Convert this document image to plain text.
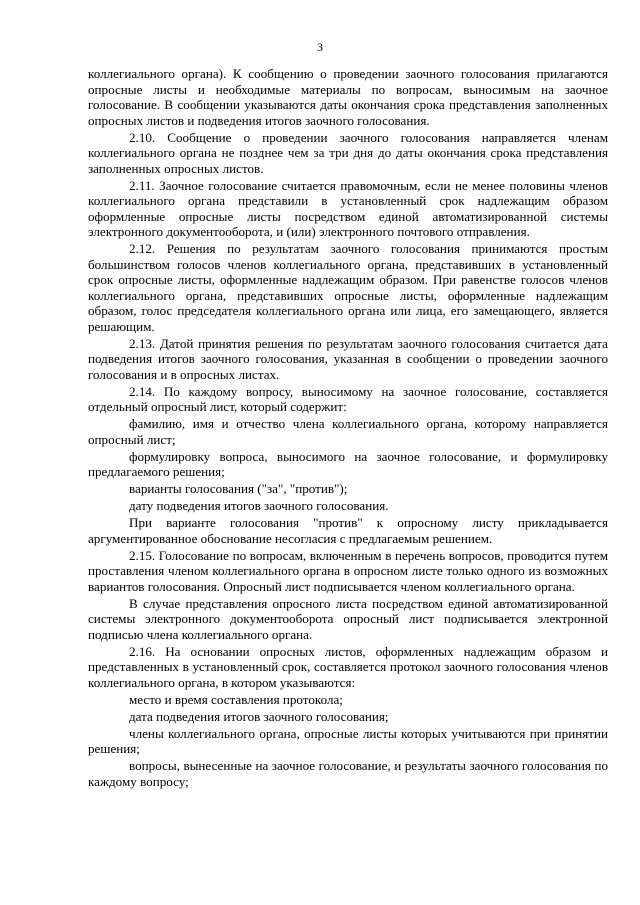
3

коллегиального органа). К сообщению о проведении заочного голосования прилагаются опросные листы и необходимые материалы по вопросам, выносимым на заочное голосование. В сообщении указываются даты окончания срока представления заполненных опросных листов и подведения итогов заочного голосования.

2.10. Сообщение о проведении заочного голосования направляется членам коллегиального органа не позднее чем за три дня до даты окончания срока представления заполненных опросных листов.

2.11. Заочное голосование считается правомочным, если не менее половины членов коллегиального органа представили в установленный срок надлежащим образом оформленные опросные листы посредством единой автоматизированной системы электронного документооборота, и (или) электронного почтового отправления.

2.12. Решения по результатам заочного голосования принимаются простым большинством голосов членов коллегиального органа, представивших в установленный срок опросные листы, оформленные надлежащим образом. При равенстве голосов членов коллегиального органа, представивших опросные листы, оформленные надлежащим образом, голос председателя коллегиального органа или лица, его замещающего, является решающим.

2.13. Датой принятия решения по результатам заочного голосования считается дата подведения итогов заочного голосования, указанная в сообщении о проведении заочного голосования и в опросных листах.

2.14. По каждому вопросу, выносимому на заочное голосование, составляется отдельный опросный лист, который содержит:

фамилию, имя и отчество члена коллегиального органа, которому направляется опросный лист;

формулировку вопроса, выносимого на заочное голосование, и формулировку предлагаемого решения;

варианты голосования ("за", "против");

дату подведения итогов заочного голосования.

При варианте голосования "против" к опросному листу прикладывается аргументированное обоснование несогласия с предлагаемым решением.

2.15. Голосование по вопросам, включенным в перечень вопросов, проводится путем проставления членом коллегиального органа в опросном листе только одного из возможных вариантов голосования. Опросный лист подписывается членом коллегиального органа.

В случае представления опросного листа посредством единой автоматизированной системы электронного документооборота опросный лист подписывается электронной подписью члена коллегиального органа.

2.16. На основании опросных листов, оформленных надлежащим образом и представленных в установленный срок, составляется протокол заочного голосования членов коллегиального органа, в котором указываются:

место и время составления протокола;

дата подведения итогов заочного голосования;

члены коллегиального органа, опросные листы которых учитываются при принятии решения;

вопросы, вынесенные на заочное голосование, и результаты заочного голосования по каждому вопросу;
